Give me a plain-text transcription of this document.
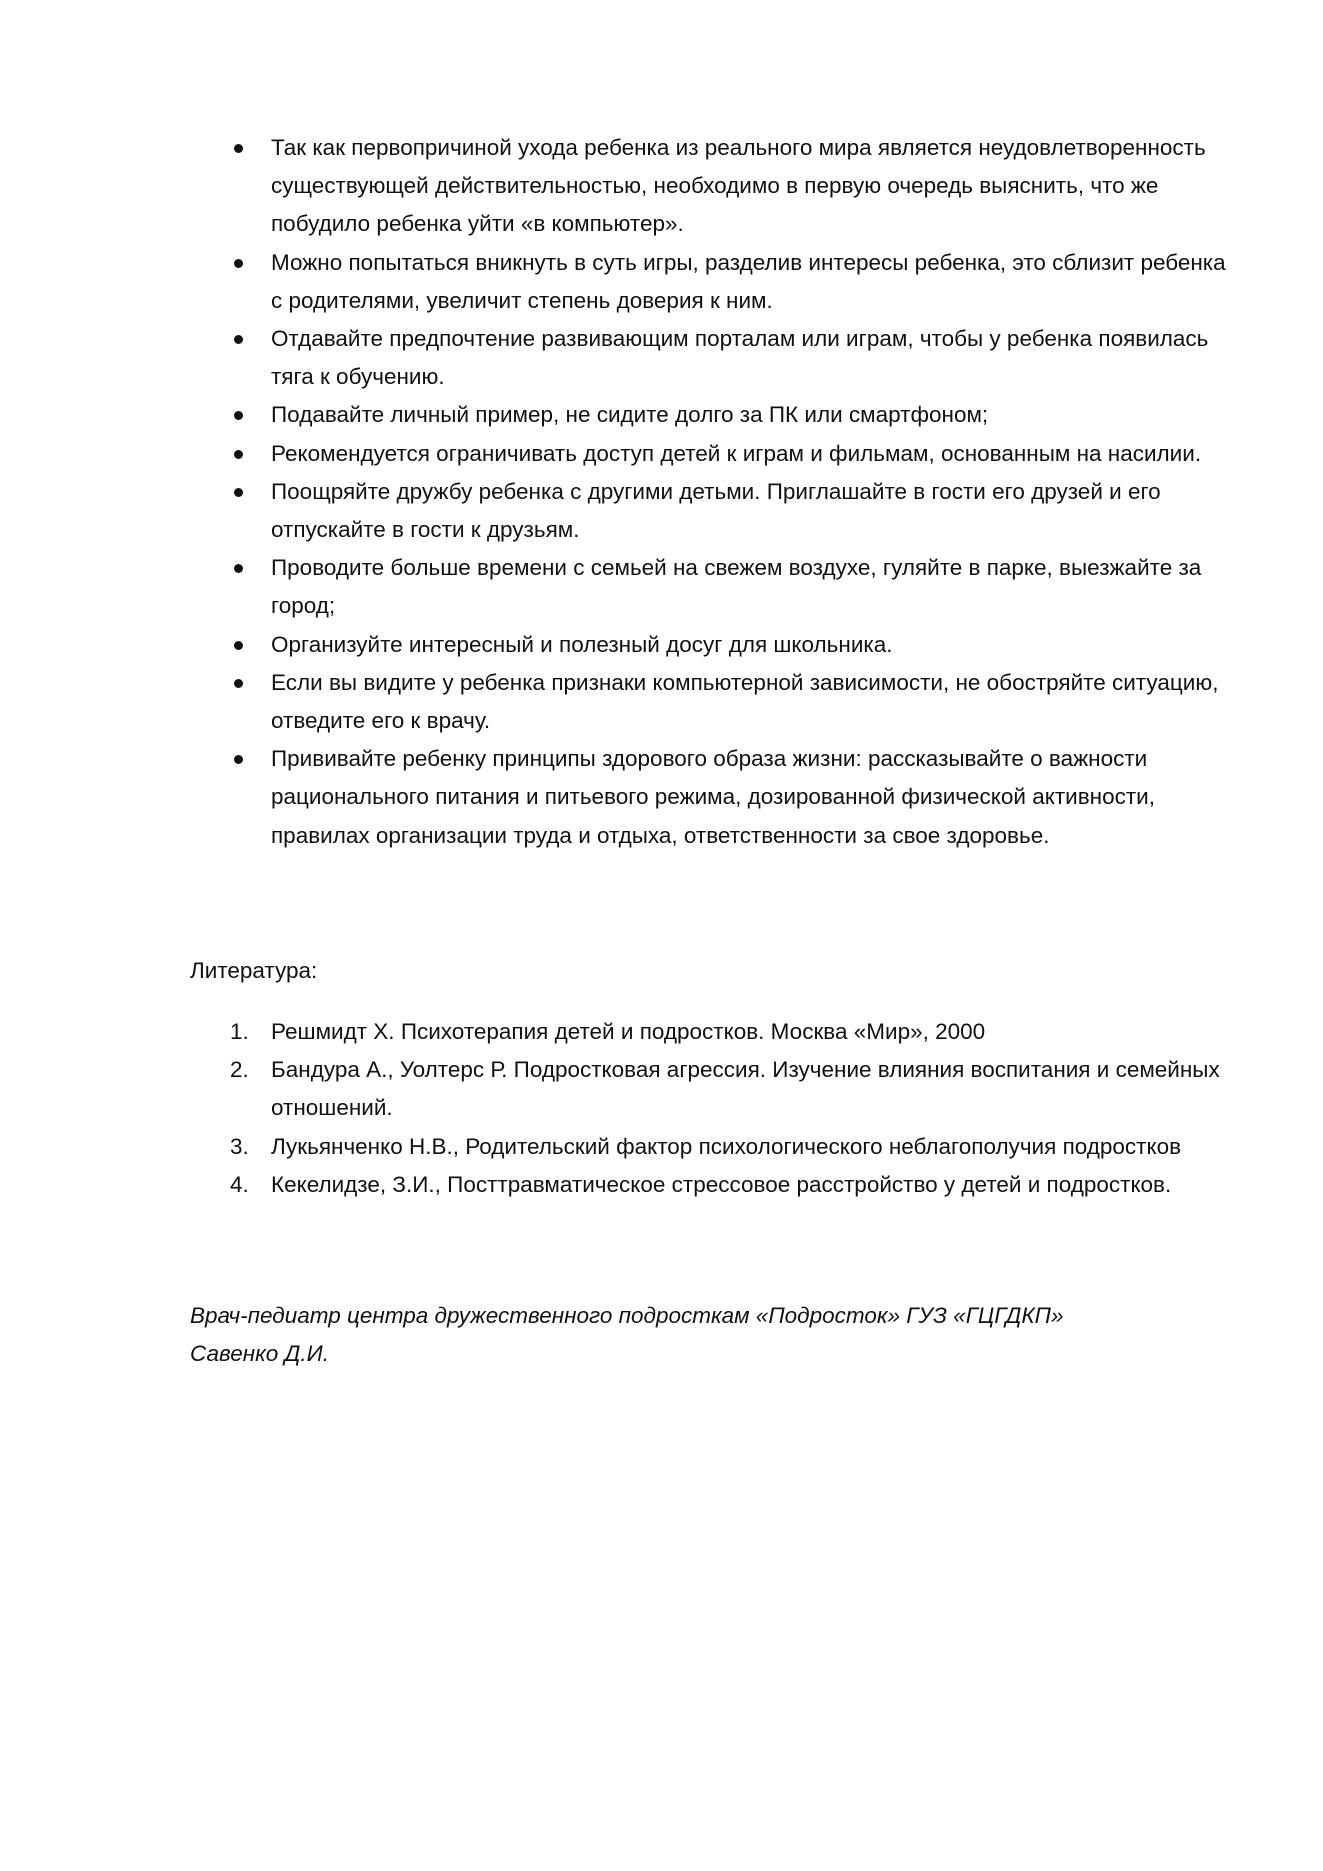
Так как первопричиной ухода ребенка из реального мира является неудовлетворенность существующей действительностью, необходимо в первую очередь выяснить, что же побудило ребенка уйти «в компьютер».

Можно попытаться вникнуть в суть игры, разделив интересы ребенка, это сблизит ребенка с родителями, увеличит степень доверия к ним.

Отдавайте предпочтение развивающим порталам или играм, чтобы у ребенка появилась тяга к обучению.

Подавайте личный пример, не сидите долго за ПК или смартфоном;

Рекомендуется ограничивать доступ детей к играм и фильмам, основанным на насилии.

Поощряйте дружбу ребенка с другими детьми. Приглашайте в гости его друзей и его отпускайте в гости к друзьям.

Проводите больше времени с семьей на свежем воздухе, гуляйте в парке, выезжайте за город;

Организуйте интересный и полезный досуг для школьника.

Если вы видите у ребенка признаки компьютерной зависимости, не обостряйте ситуацию, отведите его к врачу.

Прививайте ребенку принципы здорового образа жизни: рассказывайте о важности рационального питания и питьевого режима, дозированной физической активности, правилах организации труда и отдыха, ответственности за свое здоровье.

Литература:

1. Решмидт Х. Психотерапия детей и подростков. Москва «Мир», 2000

2. Бандура А., Уолтерс Р. Подростковая агрессия. Изучение влияния воспитания и семейных отношений.

3. Лукьянченко Н.В., Родительский фактор психологического неблагополучия подростков

4. Кекелидзе, З.И., Посттравматическое стрессовое расстройство у детей и подростков.

Врач-педиатр центра дружественного подросткам «Подросток» ГУЗ «ГЦГДКП»
Савенко Д.И.
